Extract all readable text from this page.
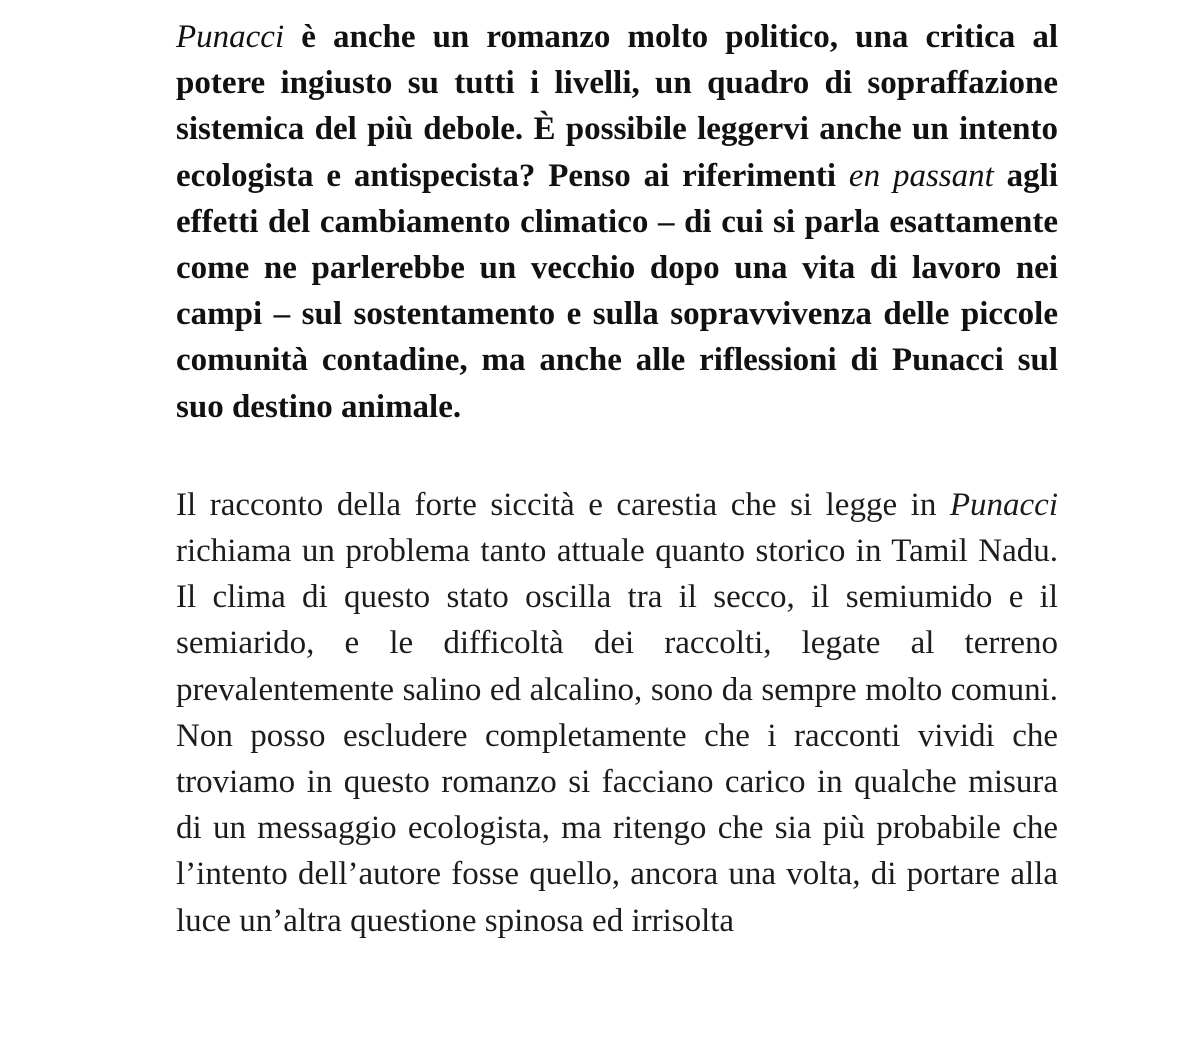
Punacci è anche un romanzo molto politico, una critica al potere ingiusto su tutti i livelli, un quadro di sopraffazione sistemica del più debole. È possibile leggervi anche un intento ecologista e antispecista? Penso ai riferimenti en passant agli effetti del cambiamento climatico – di cui si parla esattamente come ne parlerebbe un vecchio dopo una vita di lavoro nei campi – sul sostentamento e sulla sopravvivenza delle piccole comunità contadine, ma anche alle riflessioni di Punacci sul suo destino animale.

Il racconto della forte siccità e carestia che si legge in Punacci richiama un problema tanto attuale quanto storico in Tamil Nadu. Il clima di questo stato oscilla tra il secco, il semiumido e il semiarido, e le difficoltà dei raccolti, legate al terreno prevalentemente salino ed alcalino, sono da sempre molto comuni. Non posso escludere completamente che i racconti vividi che troviamo in questo romanzo si facciano carico in qualche misura di un messaggio ecologista, ma ritengo che sia più probabile che l’intento dell’autore fosse quello, ancora una volta, di portare alla luce un’altra questione spinosa ed irrisolta
